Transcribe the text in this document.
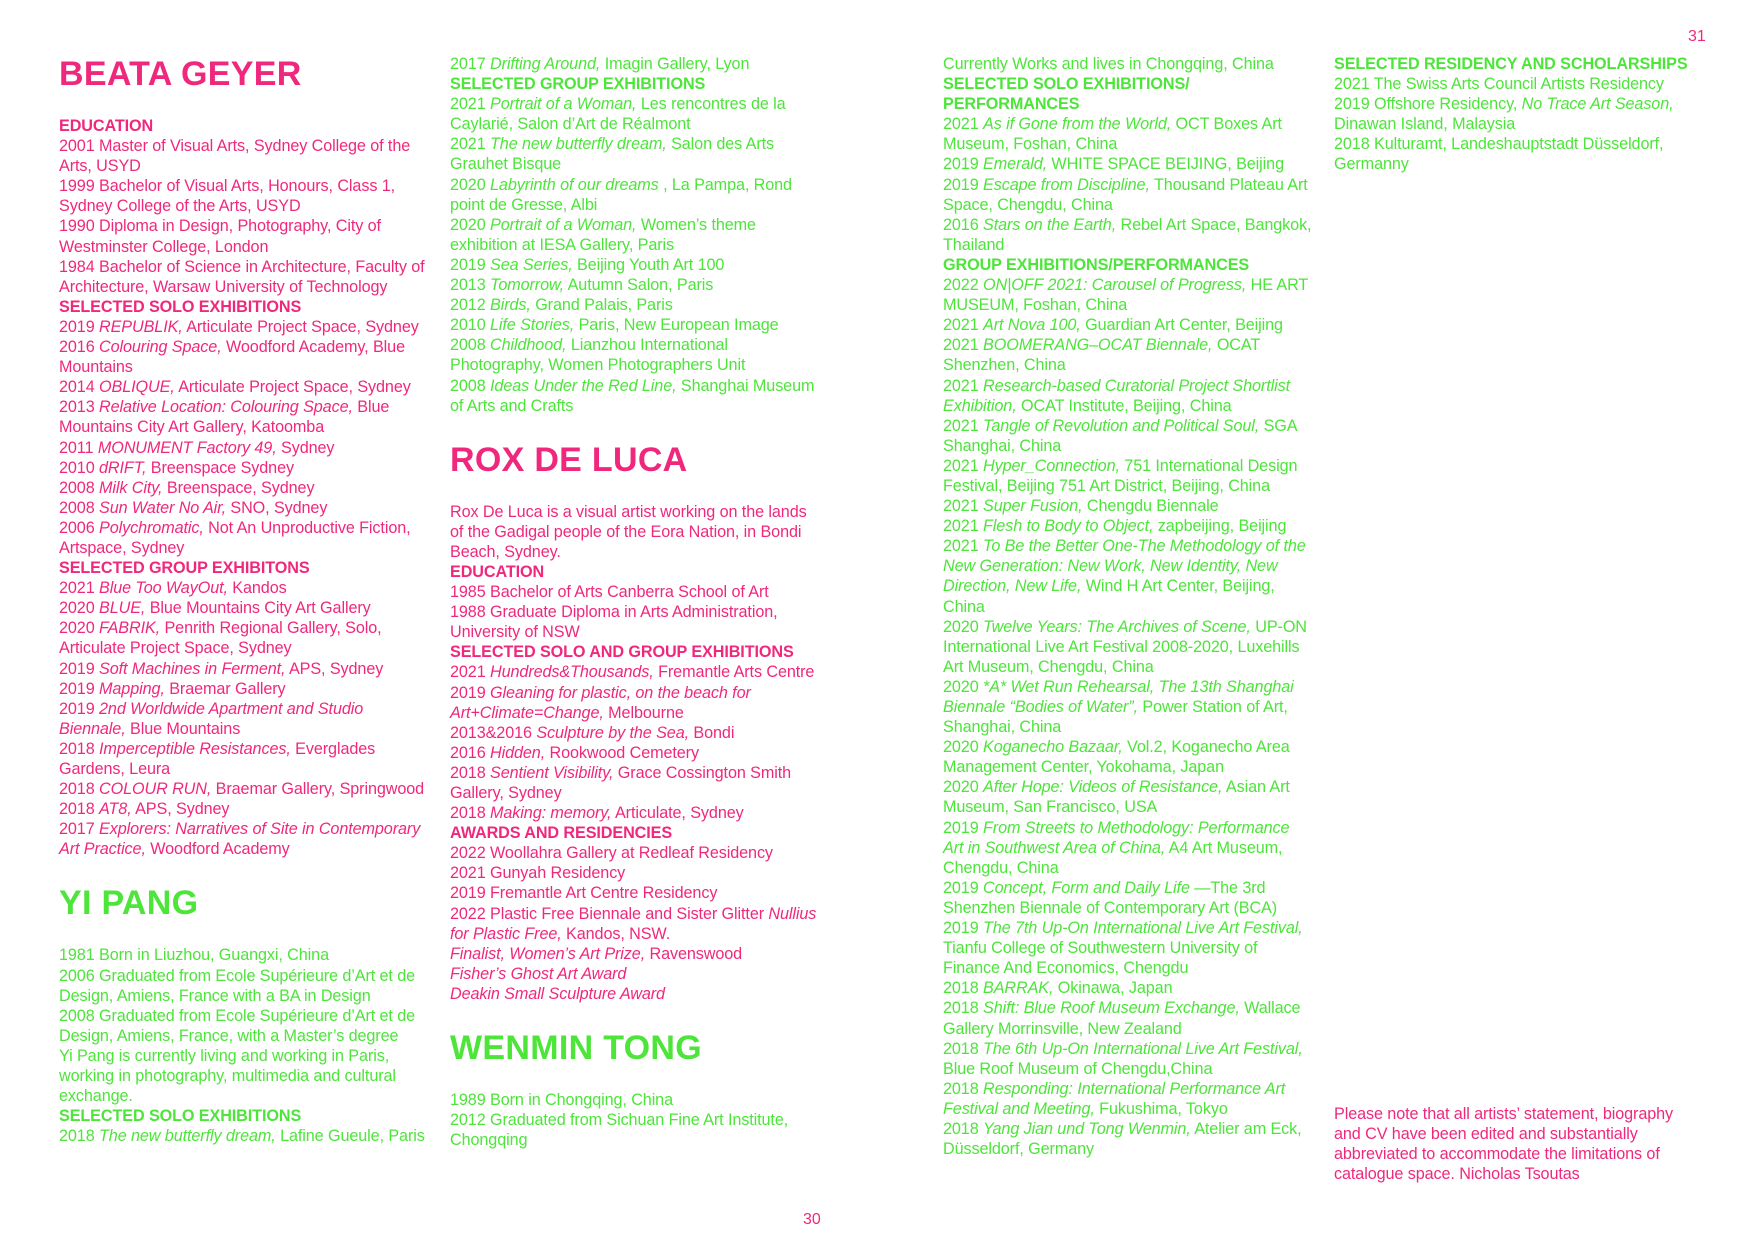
BEATA GEYER
EDUCATION
2001 Master of Visual Arts, Sydney College of the Arts, USYD
1999 Bachelor of Visual Arts, Honours, Class 1, Sydney College of the Arts, USYD
1990 Diploma in Design, Photography, City of Westminster College, London
1984 Bachelor of Science in Architecture, Faculty of Architecture, Warsaw University of Technology
SELECTED SOLO EXHIBITIONS
2019 REPUBLIK, Articulate Project Space, Sydney
2016 Colouring Space, Woodford Academy, Blue Mountains
2014 OBLIQUE, Articulate Project Space, Sydney
2013 Relative Location: Colouring Space, Blue Mountains City Art Gallery, Katoomba
2011 MONUMENT Factory 49, Sydney
2010 dRIFT, Breenspace Sydney
2008 Milk City, Breenspace, Sydney
2008 Sun Water No Air, SNO, Sydney
2006 Polychromatic, Not An Unproductive Fiction, Artspace, Sydney
SELECTED GROUP EXHIBITONS
2021 Blue Too WayOut, Kandos
2020 BLUE, Blue Mountains City Art Gallery
2020 FABRIK, Penrith Regional Gallery, Solo, Articulate Project Space, Sydney
2019 Soft Machines in Ferment, APS, Sydney
2019 Mapping, Braemar Gallery
2019 2nd Worldwide Apartment and Studio Biennale, Blue Mountains
2018 Imperceptible Resistances, Everglades Gardens, Leura
2018 COLOUR RUN, Braemar Gallery, Springwood
2018 AT8, APS, Sydney
2017 Explorers: Narratives of Site in Contemporary Art Practice, Woodford Academy
YI PANG
1981 Born in Liuzhou, Guangxi, China
2006 Graduated from Ecole Supérieure d’Art et de Design, Amiens, France with a BA in Design
2008 Graduated from Ecole Supérieure d’Art et de Design, Amiens, France, with a Master’s degree
Yi Pang is currently living and working in Paris, working in photography, multimedia and cultural exchange.
SELECTED SOLO EXHIBITIONS
2018 The new butterfly dream, Lafine Gueule, Paris
2017 Drifting Around, Imagin Gallery, Lyon
SELECTED GROUP EXHIBITIONS
2021 Portrait of a Woman, Les rencontres de la Caylarié, Salon d’Art de Réalmont
2021 The new butterfly dream, Salon des Arts Grauhet Bisque
2020 Labyrinth of our dreams , La Pampa, Rond point de Gresse, Albi
2020 Portrait of a Woman, Women’s theme exhibition at IESA Gallery, Paris
2019 Sea Series, Beijing Youth Art 100
2013 Tomorrow, Autumn Salon, Paris
2012 Birds, Grand Palais, Paris
2010 Life Stories, Paris, New European Image
2008 Childhood, Lianzhou International Photography, Women Photographers Unit
2008 Ideas Under the Red Line, Shanghai Museum of Arts and Crafts
ROX DE LUCA
Rox De Luca is a visual artist working on the lands of the Gadigal people of the Eora Nation, in Bondi Beach, Sydney.
EDUCATION
1985 Bachelor of Arts Canberra School of Art
1988 Graduate Diploma in Arts Administration, University of NSW
SELECTED SOLO AND GROUP EXHIBITIONS
2021 Hundreds&Thousands, Fremantle Arts Centre
2019 Gleaning for plastic, on the beach for Art+Climate=Change, Melbourne
2013&2016 Sculpture by the Sea, Bondi
2016 Hidden, Rookwood Cemetery
2018 Sentient Visibility, Grace Cossington Smith Gallery, Sydney
2018 Making: memory, Articulate, Sydney
AWARDS AND RESIDENCIES
2022 Woollahra Gallery at Redleaf Residency
2021 Gunyah Residency
2019 Fremantle Art Centre Residency
2022 Plastic Free Biennale and Sister Glitter Nullius for Plastic Free, Kandos, NSW.
Finalist, Women’s Art Prize, Ravenswood
Fisher’s Ghost Art Award
Deakin Small Sculpture Award
WENMIN TONG
1989 Born in Chongqing, China
2012 Graduated from Sichuan Fine Art Institute, Chongqing
30
31
Currently Works and lives in Chongqing, China
SELECTED SOLO EXHIBITIONS/ PERFORMANCES
2021 As if Gone from the World, OCT Boxes Art Museum, Foshan, China
2019 Emerald, WHITE SPACE BEIJING, Beijing
2019 Escape from Discipline, Thousand Plateau Art Space, Chengdu, China
2016 Stars on the Earth, Rebel Art Space, Bangkok, Thailand
GROUP EXHIBITIONS/PERFORMANCES
2022 ON|OFF 2021: Carousel of Progress, HE ART MUSEUM, Foshan, China
2021 Art Nova 100, Guardian Art Center, Beijing
2021 BOOMERANG–OCAT Biennale, OCAT Shenzhen, China
2021 Research-based Curatorial Project Shortlist Exhibition, OCAT Institute, Beijing, China
2021 Tangle of Revolution and Political Soul, SGA Shanghai, China
2021 Hyper_Connection, 751 International Design Festival, Beijing 751 Art District, Beijing, China
2021 Super Fusion, Chengdu Biennale
2021 Flesh to Body to Object, zapbeijing, Beijing
2021 To Be the Better One-The Methodology of the New Generation: New Work, New Identity, New Direction, New Life, Wind H Art Center, Beijing, China
2020 Twelve Years: The Archives of Scene, UP-ON International Live Art Festival 2008-2020, Luxehills Art Museum, Chengdu, China
2020 *A* Wet Run Rehearsal, The 13th Shanghai Biennale “Bodies of Water”, Power Station of Art, Shanghai, China
2020 Koganecho Bazaar, Vol.2, Koganecho Area Management Center, Yokohama, Japan
2020 After Hope: Videos of Resistance, Asian Art Museum, San Francisco, USA
2019 From Streets to Methodology: Performance Art in Southwest Area of China, A4 Art Museum, Chengdu, China
2019 Concept, Form and Daily Life —The 3rd Shenzhen Biennale of Contemporary Art (BCA)
2019 The 7th Up-On International Live Art Festival, Tianfu College of Southwestern University of Finance And Economics, Chengdu
2018 BARRAK, Okinawa, Japan
2018 Shift: Blue Roof Museum Exchange, Wallace Gallery Morrinsville, New Zealand
2018 The 6th Up-On International Live Art Festival, Blue Roof Museum of Chengdu,China
2018 Responding: International Performance Art Festival and Meeting, Fukushima, Tokyo
2018 Yang Jian und Tong Wenmin, Atelier am Eck, Düsseldorf, Germany
SELECTED RESIDENCY AND SCHOLARSHIPS
2021 The Swiss Arts Council Artists Residency
2019 Offshore Residency, No Trace Art Season, Dinawan Island, Malaysia
2018 Kulturamt, Landeshauptstadt Düsseldorf, Germanny
Please note that all artists’ statement, biography and CV have been edited and substantially abbreviated to accommodate the limitations of catalogue space. Nicholas Tsoutas
